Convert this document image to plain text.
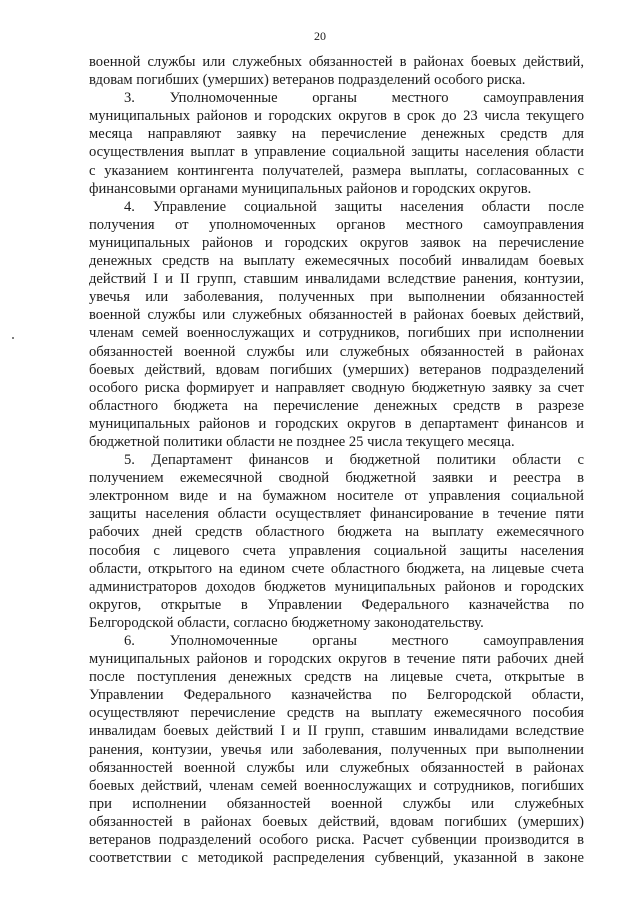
20
военной службы или служебных обязанностей в районах боевых действий,
вдовам погибших (умерших) ветеранов подразделений особого риска.
3. Уполномоченные органы местного самоуправления
муниципальных районов и городских округов в срок до 23 числа текущего
месяца направляют заявку на перечисление денежных средств для
осуществления выплат в управление социальной защиты населения области
с указанием контингента получателей, размера выплаты, согласованных с
финансовыми органами муниципальных районов и городских округов.
4. Управление социальной защиты населения области после
получения от уполномоченных органов местного самоуправления
муниципальных районов и городских округов заявок на перечисление
денежных средств на выплату ежемесячных пособий инвалидам боевых
действий I и II групп, ставшим инвалидами вследствие ранения, контузии,
увечья или заболевания, полученных при выполнении обязанностей
военной службы или служебных обязанностей в районах боевых действий,
членам семей военнослужащих и сотрудников, погибших при исполнении
обязанностей военной службы или служебных обязанностей в районах
боевых действий, вдовам погибших (умерших) ветеранов подразделений
особого риска формирует и направляет сводную бюджетную заявку за счет
областного бюджета на перечисление денежных средств в разрезе
муниципальных районов и городских округов в департамент финансов и
бюджетной политики области не позднее 25 числа текущего месяца.
5. Департамент финансов и бюджетной политики области с
получением ежемесячной сводной бюджетной заявки и реестра в
электронном виде и на бумажном носителе от управления социальной
защиты населения области осуществляет финансирование в течение пяти
рабочих дней средств областного бюджета на выплату ежемесячного
пособия с лицевого счета управления социальной защиты населения
области, открытого на едином счете областного бюджета, на лицевые счета
администраторов доходов бюджетов муниципальных районов и городских
округов, открытые в Управлении Федерального казначейства по
Белгородской области, согласно бюджетному законодательству.
6. Уполномоченные органы местного самоуправления
муниципальных районов и городских округов в течение пяти рабочих дней
после поступления денежных средств на лицевые счета, открытые в
Управлении Федерального казначейства по Белгородской области,
осуществляют перечисление средств на выплату ежемесячного пособия
инвалидам боевых действий I и II групп, ставшим инвалидами вследствие
ранения, контузии, увечья или заболевания, полученных при выполнении
обязанностей военной службы или служебных обязанностей в районах
боевых действий, членам семей военнослужащих и сотрудников, погибших
при исполнении обязанностей военной службы или служебных
обязанностей в районах боевых действий, вдовам погибших (умерших)
ветеранов подразделений особого риска. Расчет субвенции производится в
соответствии с методикой распределения субвенций, указанной в законе
